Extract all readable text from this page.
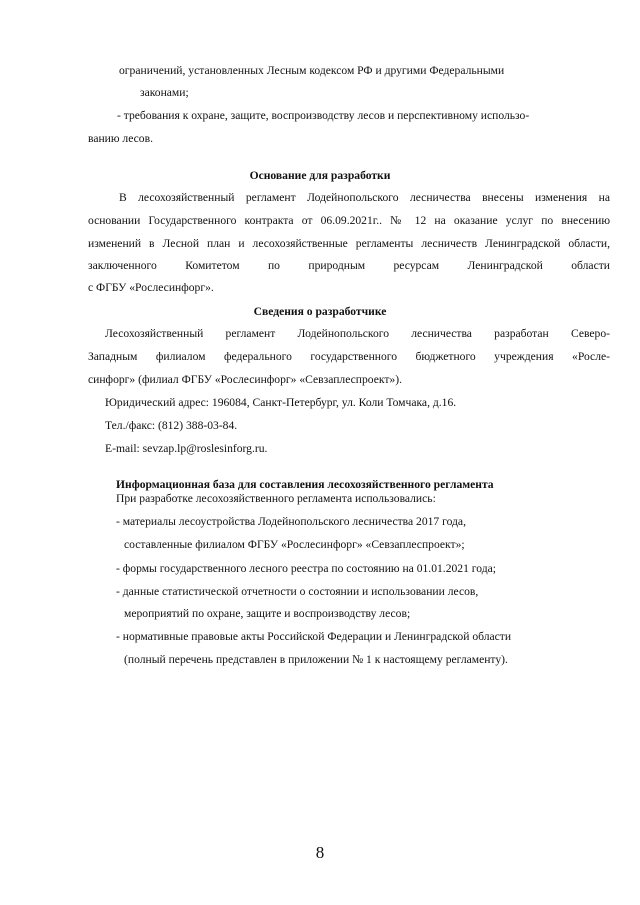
ограничений, установленных Лесным кодексом РФ и другими Федеральными
законами;
- требования к охране, защите, воспроизводству лесов и перспективному использо-
ванию лесов.
Основание для разработки
В лесохозяйственный регламент Лодейнопольского лесничества внесены изменения на
основании Государственного контракта от 06.09.2021г.. № 12 на оказание услуг по внесению
изменений в Лесной план и лесохозяйственные регламенты лесничеств Ленинградской области,
заключенного Комитетом по природным ресурсам Ленинградской области
с ФГБУ «Рослесинфорг».
Сведения о разработчике
Лесохозяйственный регламент Лодейнопольского лесничества разработан Северо-
Западным филиалом федерального государственного бюджетного учреждения «Росле-
синфорг» (филиал ФГБУ «Рослесинфорг» «Севзаплеспроект»).
Юридический адрес: 196084, Санкт-Петербург, ул. Коли Томчака, д.16.
Тел./факс: (812) 388-03-84.
E-mail: sevzap.lp@roslesinforg.ru.
Информационная база для составления лесохозяйственного регламента
При разработке лесохозяйственного регламента использовались:
- материалы лесоустройства Лодейнопольского лесничества 2017 года,
составленные филиалом ФГБУ «Рослесинфорг» «Севзаплеспроект»;
- формы государственного лесного реестра по состоянию на 01.01.2021 года;
- данные статистической отчетности о состоянии и использовании лесов,
мероприятий по охране, защите и воспроизводству лесов;
- нормативные правовые акты Российской Федерации и Ленинградской области
(полный перечень представлен в приложении № 1 к настоящему регламенту).
8
